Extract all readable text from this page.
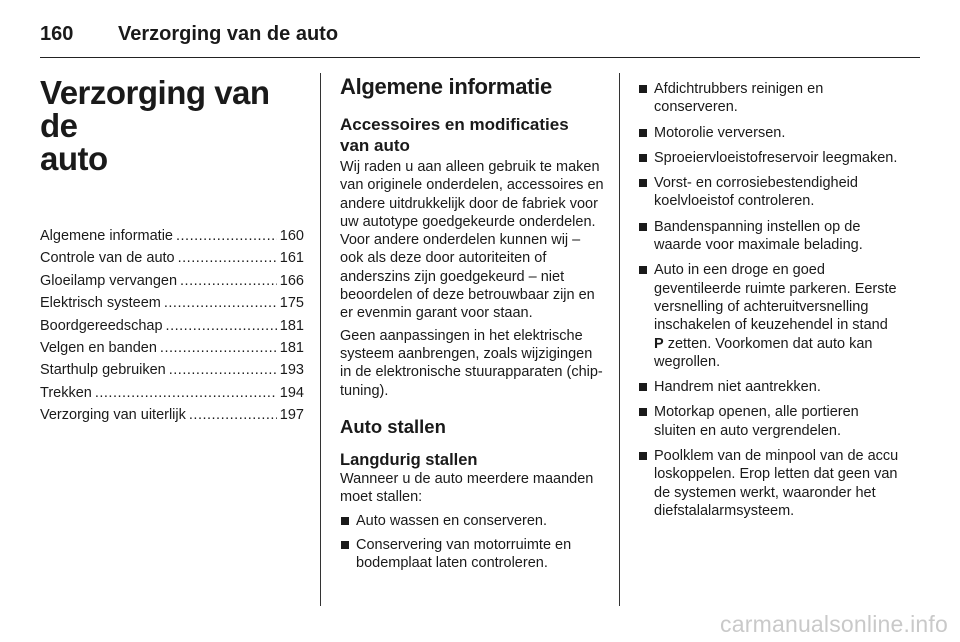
160	Verzorging van de auto
Verzorging van de
auto
Algemene informatie .....	160
Controle van de auto .....	161
Gloeilamp vervangen .....	166
Elektrisch systeem .....	175
Boordgereedschap .....	181
Velgen en banden .....	181
Starthulp gebruiken .....	193
Trekken .....	194
Verzorging van uiterlijk .....	197
Algemene informatie
Accessoires en modificaties
van auto

Wij raden u aan alleen gebruik te maken van originele onderdelen, accessoires en andere uitdrukkelijk door de fabriek voor uw autotype goedgekeurde onderdelen. Voor andere onderdelen kunnen wij – ook als deze door autoriteiten of anderszins zijn goedgekeurd – niet beoordelen of deze betrouwbaar zijn en er evenmin garant voor staan.

Geen aanpassingen in het elektrische systeem aanbrengen, zoals wijzigingen in de elektronische stuurapparaten (chip-tuning).

Auto stallen
Langdurig stallen

Wanneer u de auto meerdere maanden moet stallen:

Auto wassen en conserveren.
Conservering van motorruimte en bodemplaat laten controleren.
Afdichtrubbers reinigen en conserveren.
Motorolie verversen.
Sproeiervloeistofreservoir leegmaken.
Vorst- en corrosiebestendigheid koelvloeistof controleren.
Bandenspanning instellen op de waarde voor maximale belading.
Auto in een droge en goed geventileerde ruimte parkeren. Eerste versnelling of achteruitversnelling inschakelen of keuzehendel in stand P zetten. Voorkomen dat auto kan wegrollen.
Handrem niet aantrekken.
Motorkap openen, alle portieren sluiten en auto vergrendelen.
Poolklem van de minpool van de accu loskoppelen. Erop letten dat geen van de systemen werkt, waaronder het diefstalalarmsysteem.
carmanualsonline.info
